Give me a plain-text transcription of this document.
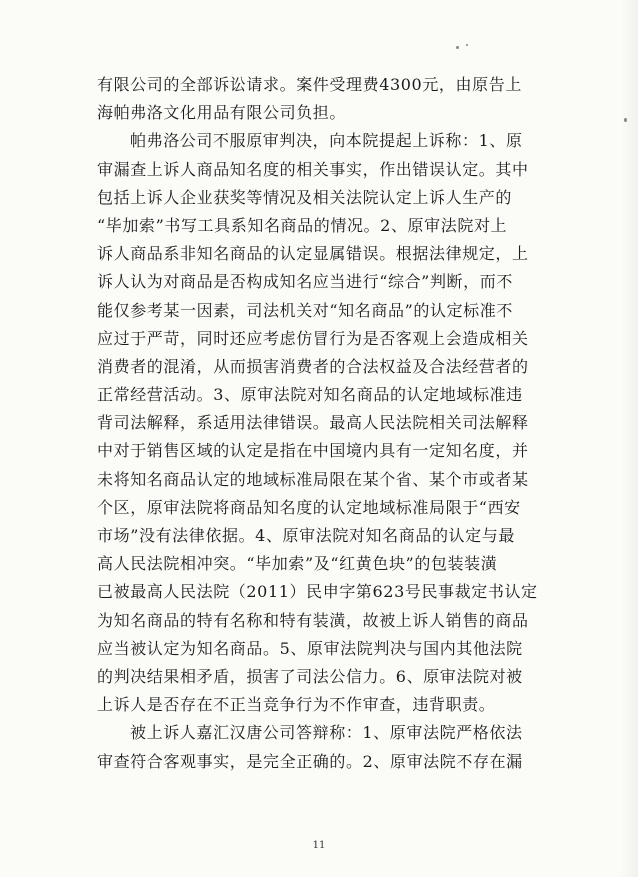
有限公司的全部诉讼请求。案件受理费4300元，由原告上
海帕弗洛文化用品有限公司负担。
帕弗洛公司不服原审判决，向本院提起上诉称：1、原
审漏查上诉人商品知名度的相关事实，作出错误认定。其中
包括上诉人企业获奖等情况及相关法院认定上诉人生产的
“毕加索”书写工具系知名商品的情况。2、原审法院对上
诉人商品系非知名商品的认定显属错误。根据法律规定，上
诉人认为对商品是否构成知名应当进行“综合”判断，而不
能仅参考某一因素，司法机关对“知名商品”的认定标准不
应过于严苛，同时还应考虑仿冒行为是否客观上会造成相关
消费者的混淆，从而损害消费者的合法权益及合法经营者的
正常经营活动。3、原审法院对知名商品的认定地域标准违
背司法解释，系适用法律错误。最高人民法院相关司法解释
中对于销售区域的认定是指在中国境内具有一定知名度，并
未将知名商品认定的地域标准局限在某个省、某个市或者某
个区，原审法院将商品知名度的认定地域标准局限于“西安
市场”没有法律依据。4、原审法院对知名商品的认定与最
高人民法院相冲突。“毕加索”及“红黄色块”的包装装潢
已被最高人民法院（2011）民申字第623号民事裁定书认定
为知名商品的特有名称和特有装潢，故被上诉人销售的商品
应当被认定为知名商品。5、原审法院判决与国内其他法院
的判决结果相矛盾，损害了司法公信力。6、原审法院对被
上诉人是否存在不正当竞争行为不作审查，违背职责。
被上诉人嘉汇汉唐公司答辩称：1、原审法院严格依法
审查符合客观事实，是完全正确的。2、原审法院不存在漏
11
